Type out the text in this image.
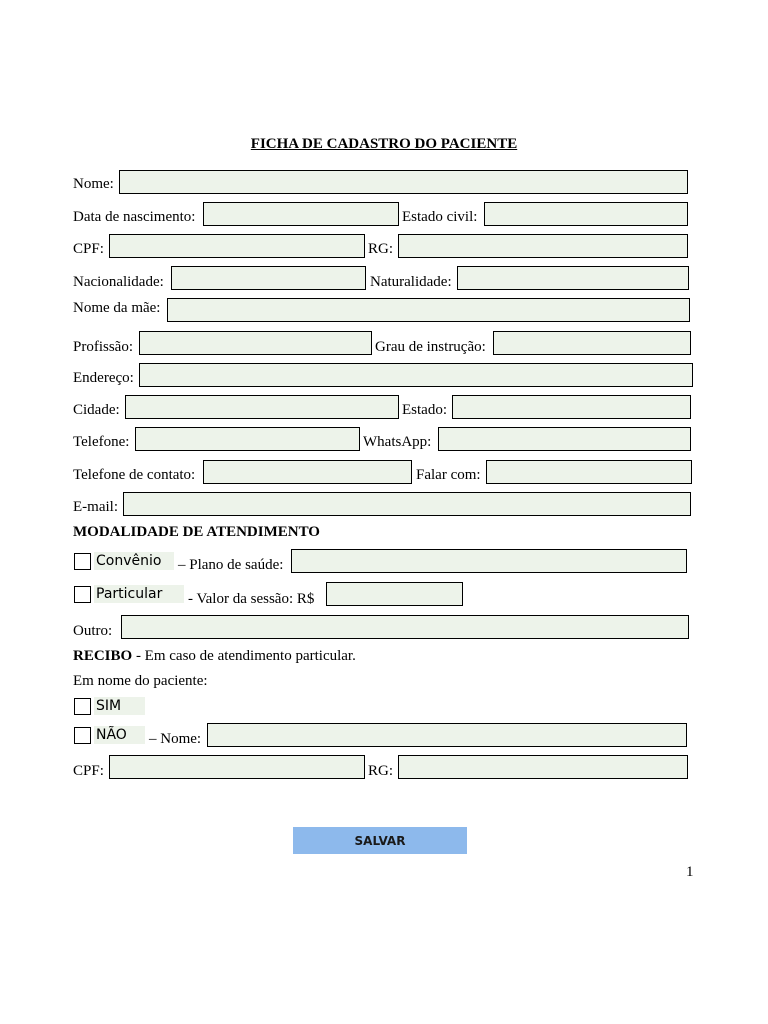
FICHA DE CADASTRO DO PACIENTE
Nome:
Data de nascimento:	Estado civil:
CPF:	RG:
Nacionalidade:	Naturalidade:
Nome da mãe:
Profissão:	Grau de instrução:
Endereço:
Cidade:	Estado:
Telefone:	WhatsApp:
Telefone de contato:	Falar com:
E-mail:
MODALIDADE DE ATENDIMENTO
Convênio	– Plano de saúde:
Particular	- Valor da sessão: R$
Outro:
RECIBO - Em caso de atendimento particular.
Em nome do paciente:
SIM
NÃO	– Nome:
CPF:	RG:
SALVAR
1
